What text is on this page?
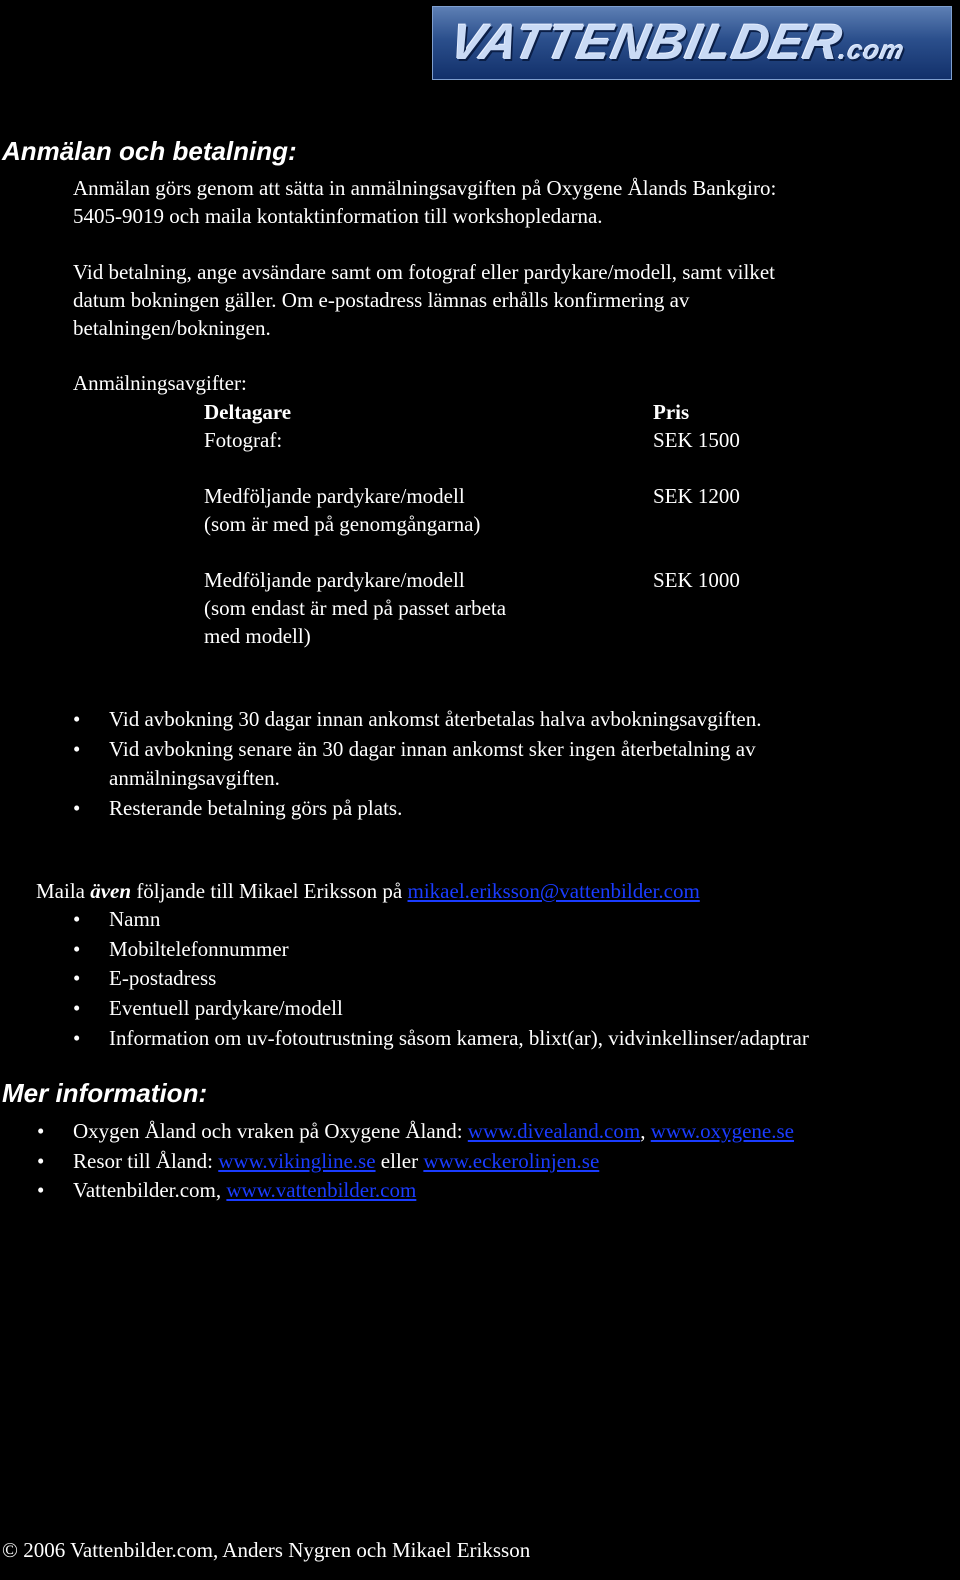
VATTENBILDER.com
Anmälan och betalning:

Anmälan görs genom att sätta in anmälningsavgiften på Oxygene Ålands Bankgiro:
5405-9019 och maila kontaktinformation till workshopledarna.

Vid betalning, ange avsändare samt om fotograf eller pardykare/modell, samt vilket
datum bokningen gäller. Om e-postadress lämnas erhålls konfirmering av
betalningen/bokningen.

Anmälningsavgifter:
Deltagare	Pris
Fotograf:	SEK 1500
Medföljande pardykare/modell
(som är med på genomgångarna)
SEK 1200
Medföljande pardykare/modell
(som endast är med på passet arbeta
med modell)
SEK 1000
• Vid avbokning 30 dagar innan ankomst återbetalas halva avbokningsavgiften.
• Vid avbokning senare än 30 dagar innan ankomst sker ingen återbetalning av
anmälningsavgiften.
• Resterande betalning görs på plats.
Maila även följande till Mikael Eriksson på mikael.eriksson@vattenbilder.com
• Namn
• Mobiltelefonnummer
• E-postadress
• Eventuell pardykare/modell
• Information om uv-fotoutrustning såsom kamera, blixt(ar), vidvinkellinser/adaptrar
Mer information:
• Oxygen Åland och vraken på Oxygene Åland: www.divealand.com, www.oxygene.se
• Resor till Åland: www.vikingline.se eller www.eckerolinjen.se
• Vattenbilder.com, www.vattenbilder.com
© 2006 Vattenbilder.com, Anders Nygren och Mikael Eriksson
